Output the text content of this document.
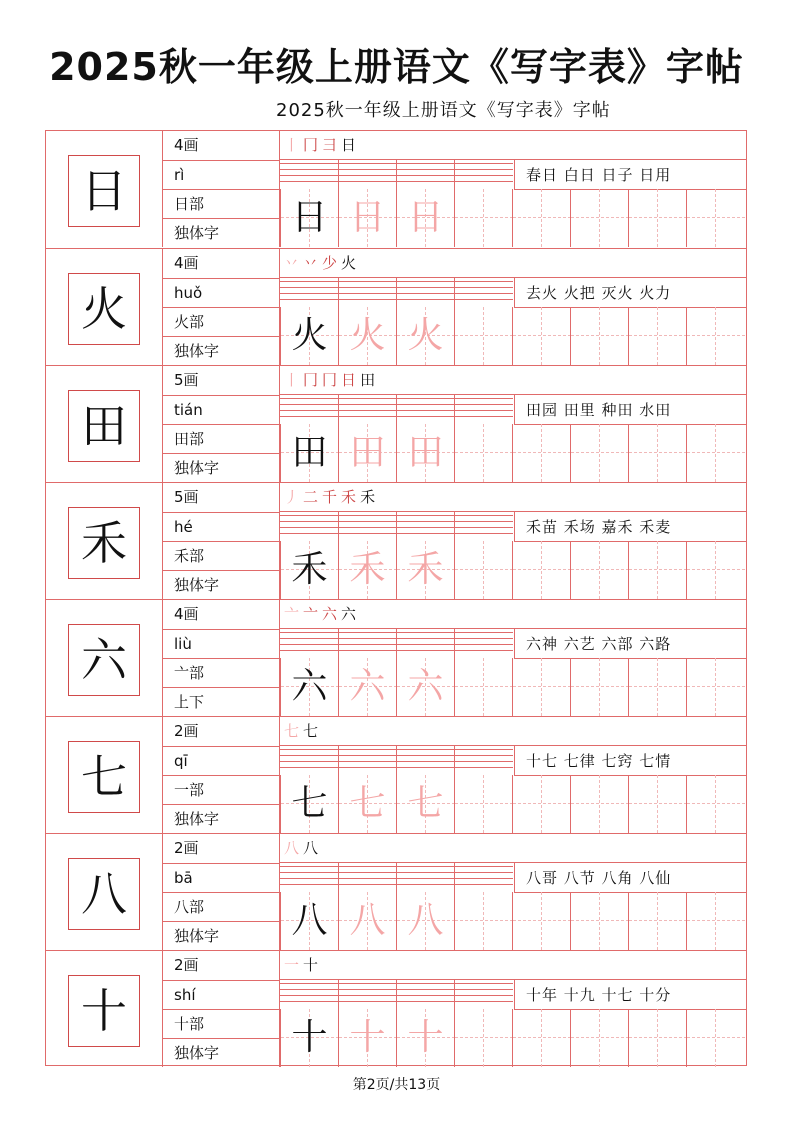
2025秋一年级上册语文《写字表》字帖
2025秋一年级上册语文《写字表》字帖
日
4画
rì
日部
独体字
丨 冂 彐 日
春日 白日 日子 日用
日 日 日
火
4画
huǒ
火部
独体字
丷 丷 少 火
去火 火把 灭火 火力
火 火 火
田
5画
tián
田部
独体字
丨 冂 冂 日 田
田园 田里 种田 水田
田 田 田
禾
5画
hé
禾部
独体字
丿 二 千 禾 禾
禾苗 禾场 嘉禾 禾麦
禾 禾 禾
六
4画
liù
亠部
上下
亠 亠 六 六
六神 六艺 六部 六路
六 六 六
七
2画
qī
一部
独体字
七 七
十七 七律 七窍 七情
七 七 七
八
2画
bā
八部
独体字
八 八
八哥 八节 八角 八仙
八 八 八
十
2画
shí
十部
独体字
一 十
十年 十九 十七 十分
十 十 十
第2页/共13页
